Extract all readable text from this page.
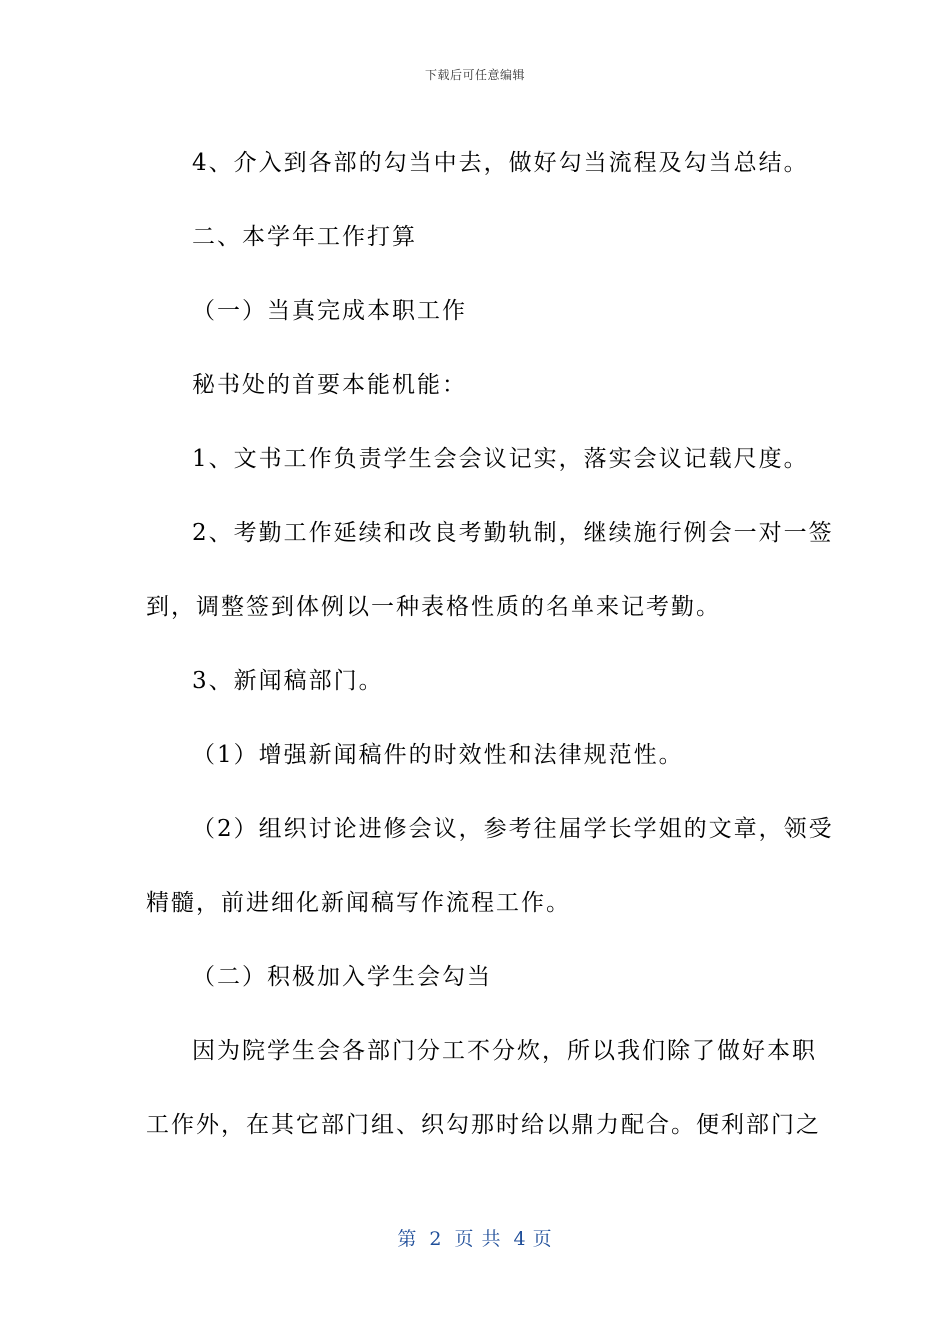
下载后可任意编辑
4、介入到各部的勾当中去，做好勾当流程及勾当总结。
二、本学年工作打算
（一）当真完成本职工作
秘书处的首要本能机能：
1、文书工作负责学生会会议记实，落实会议记载尺度。
2、考勤工作延续和改良考勤轨制，继续施行例会一对一签
到，调整签到体例以一种表格性质的名单来记考勤。
3、新闻稿部门。
（1）增强新闻稿件的时效性和法律规范性。
（2）组织讨论进修会议，参考往届学长学姐的文章，领受
精髓，前进细化新闻稿写作流程工作。
（二）积极加入学生会勾当
因为院学生会各部门分工不分炊，所以我们除了做好本职
工作外，在其它部门组、织勾那时给以鼎力配合。便利部门之
第 2 页 共 4 页
